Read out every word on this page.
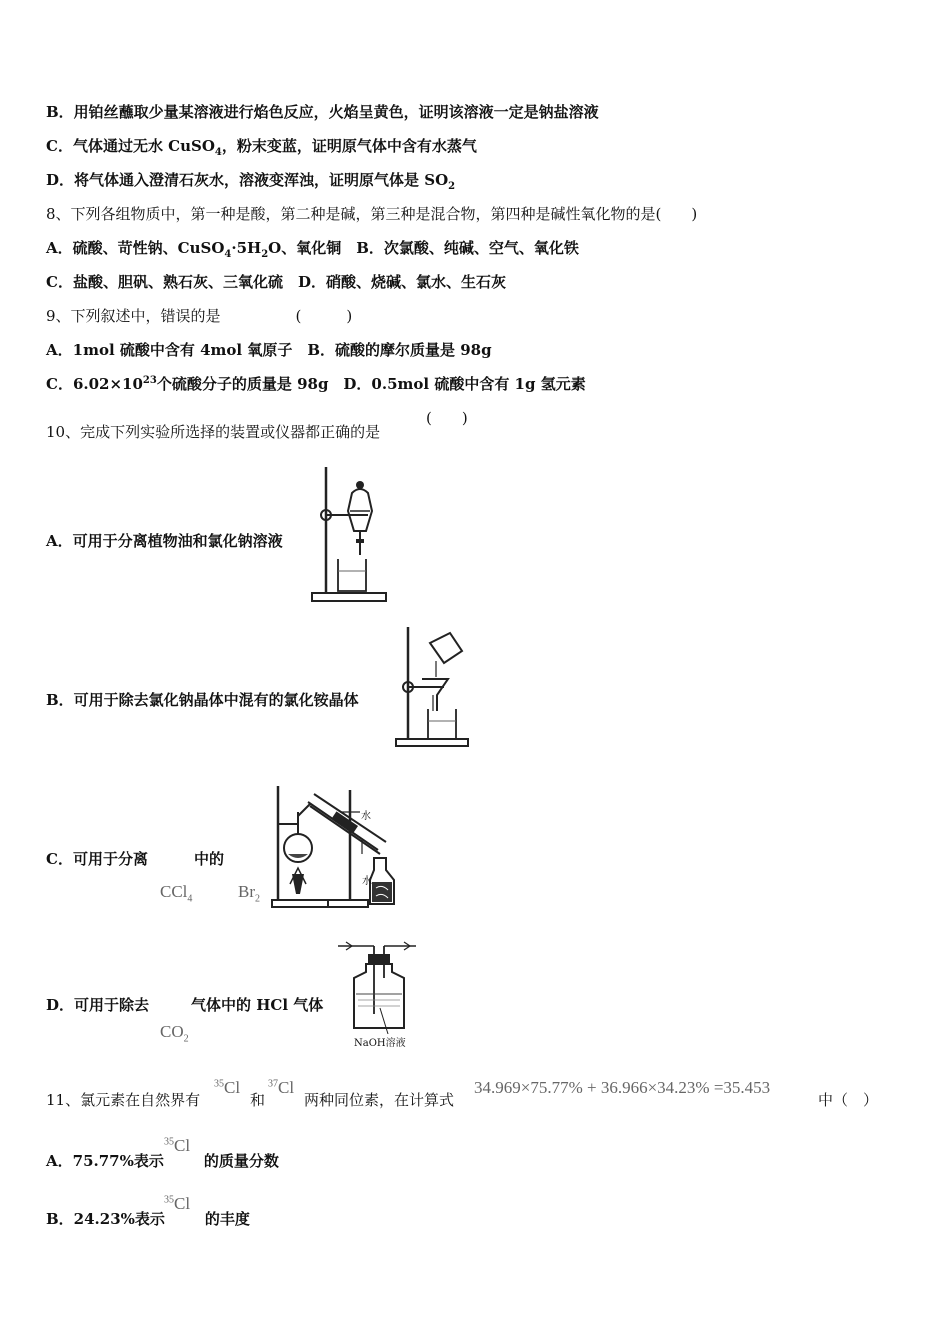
B．用铂丝蘸取少量某溶液进行焰色反应，火焰呈黄色，证明该溶液一定是钠盐溶液
C．气体通过无水 CuSO$_4$，粉末变蓝，证明原气体中含有水蒸气
D．将气体通入澄清石灰水，溶液变浑浊，证明原气体是 $SO_2$
8、下列各组物质中，第一种是酸，第二种是碱，第三种是混合物，第四种是碱性氧化物的是(　　)
A．硫酸、苛性钠、$CuSO_4\cdot 5H_2O$、氧化铜　B．次氯酸、纯碱、空气、氧化铁
C．盐酸、胆矾、熟石灰、三氧化硫　D．硝酸、烧碱、氯水、生石灰
9、下列叙述中，错误的是　　　　　(　　　)
A．1mol 硫酸中含有 4mol 氧原子　B．硫酸的摩尔质量是 98g
C．$6.02\times 10^{23}$个硫酸分子的质量是 98g　D．0.5mol 硫酸中含有 1g 氢元素
10、完成下列实验所选择的装置或仪器都正确的是
(　　)
A．可用于分离植物油和氯化钠溶液
B．可用于除去氯化钠晶体中混有的氯化铵晶体
C．可用于分离	中的
CCl$_4$	$Br_2$
水
水
D．可用于除去	气体中的 HCl 气体
$CO_2$	NaOH溶液
11、氯元素在自然界有
$^{35}$Cl
和
$^{37}$Cl
两种同位素，在计算式
34.969×75.77% + 36.966×34.23% =35.453
中（　）
A．75.77%表示	的质量分数
$^{35}$Cl
B．24.23%表示	的丰度
$^{35}$Cl
